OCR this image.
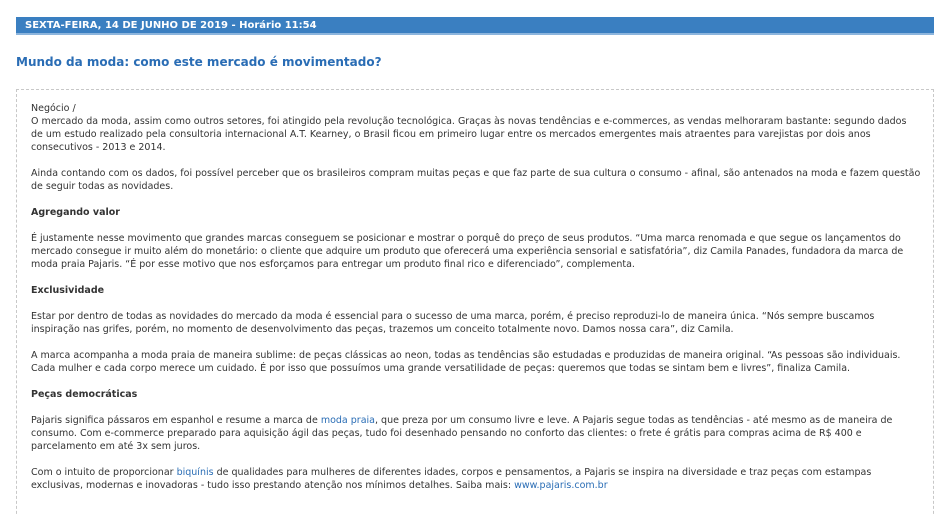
SEXTA-FEIRA, 14 DE JUNHO DE 2019 - Horário 11:54
Mundo da moda: como este mercado é movimentado?

Negócio /

O mercado da moda, assim como outros setores, foi atingido pela revolução tecnológica. Graças às novas tendências e e-commerces, as vendas melhoraram bastante: segundo dados de um estudo realizado pela consultoria internacional A.T. Kearney, o Brasil ficou em primeiro lugar entre os mercados emergentes mais atraentes para varejistas por dois anos consecutivos - 2013 e 2014.

Ainda contando com os dados, foi possível perceber que os brasileiros compram muitas peças e que faz parte de sua cultura o consumo - afinal, são antenados na moda e fazem questão de seguir todas as novidades.

Agregando valor

É justamente nesse movimento que grandes marcas conseguem se posicionar e mostrar o porquê do preço de seus produtos. “Uma marca renomada e que segue os lançamentos do mercado consegue ir muito além do monetário: o cliente que adquire um produto que oferecerá uma experiência sensorial e satisfatória”, diz Camila Panades, fundadora da marca de moda praia Pajaris. “É por esse motivo que nos esforçamos para entregar um produto final rico e diferenciado”, complementa.

Exclusividade

Estar por dentro de todas as novidades do mercado da moda é essencial para o sucesso de uma marca, porém, é preciso reproduzi-lo de maneira única. “Nós sempre buscamos inspiração nas grifes, porém, no momento de desenvolvimento das peças, trazemos um conceito totalmente novo. Damos nossa cara”, diz Camila.

A marca acompanha a moda praia de maneira sublime: de peças clássicas ao neon, todas as tendências são estudadas e produzidas de maneira original. “As pessoas são individuais. Cada mulher e cada corpo merece um cuidado. É por isso que possuímos uma grande versatilidade de peças: queremos que todas se sintam bem e livres”, finaliza Camila.

Peças democráticas

Pajaris significa pássaros em espanhol e resume a marca de moda praia, que preza por um consumo livre e leve. A Pajaris segue todas as tendências - até mesmo as de maneira de consumo. Com e-commerce preparado para aquisição ágil das peças, tudo foi desenhado pensando no conforto das clientes: o frete é grátis para compras acima de R$ 400 e parcelamento em até 3x sem juros.

Com o intuito de proporcionar biquínis de qualidades para mulheres de diferentes idades, corpos e pensamentos, a Pajaris se inspira na diversidade e traz peças com estampas exclusivas, modernas e inovadoras - tudo isso prestando atenção nos mínimos detalhes. Saiba mais: www.pajaris.com.br
